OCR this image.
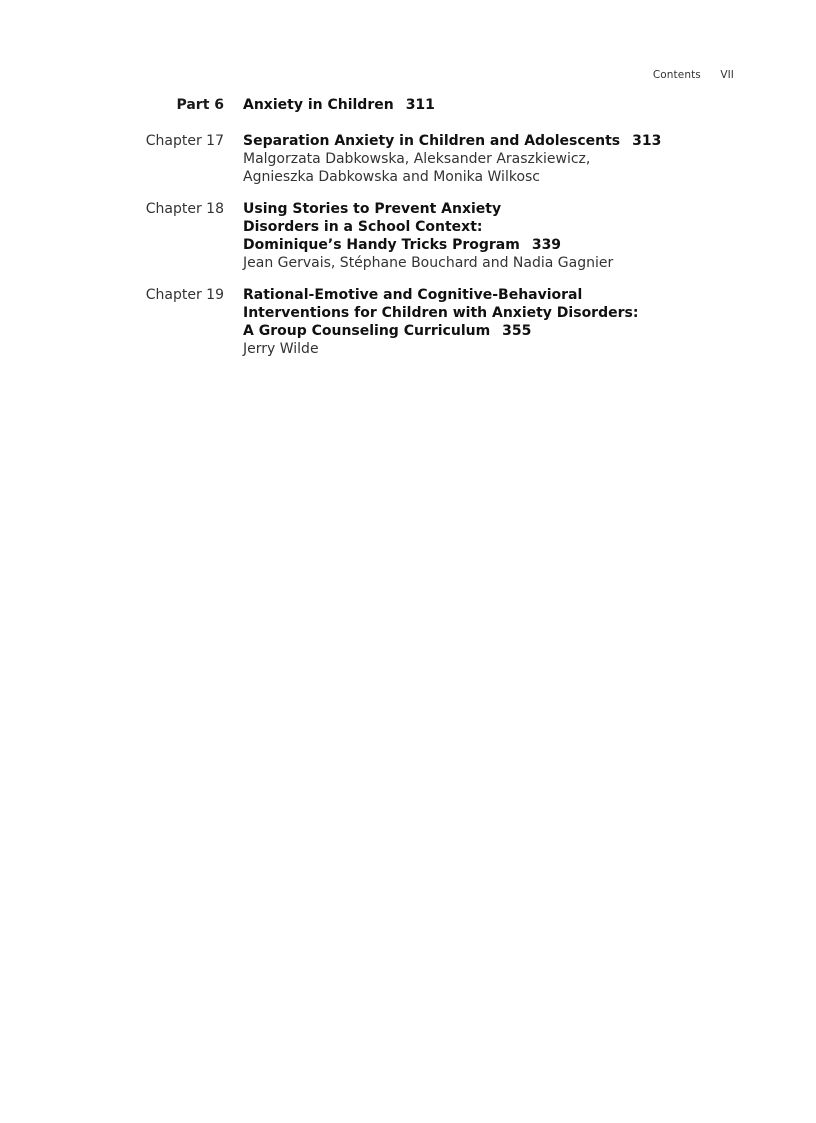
Contents VII
Part 6	Anxiety in Children 311
Chapter 17	Separation Anxiety in Children and Adolescents 313
Malgorzata Dabkowska, Aleksander Araszkiewicz,
Agnieszka Dabkowska and Monika Wilkosc
Chapter 18	Using Stories to Prevent Anxiety
Disorders in a School Context:
Dominique’s Handy Tricks Program 339
Jean Gervais, Stéphane Bouchard and Nadia Gagnier
Chapter 19	Rational-Emotive and Cognitive-Behavioral
Interventions for Children with Anxiety Disorders:
A Group Counseling Curriculum 355
Jerry Wilde
